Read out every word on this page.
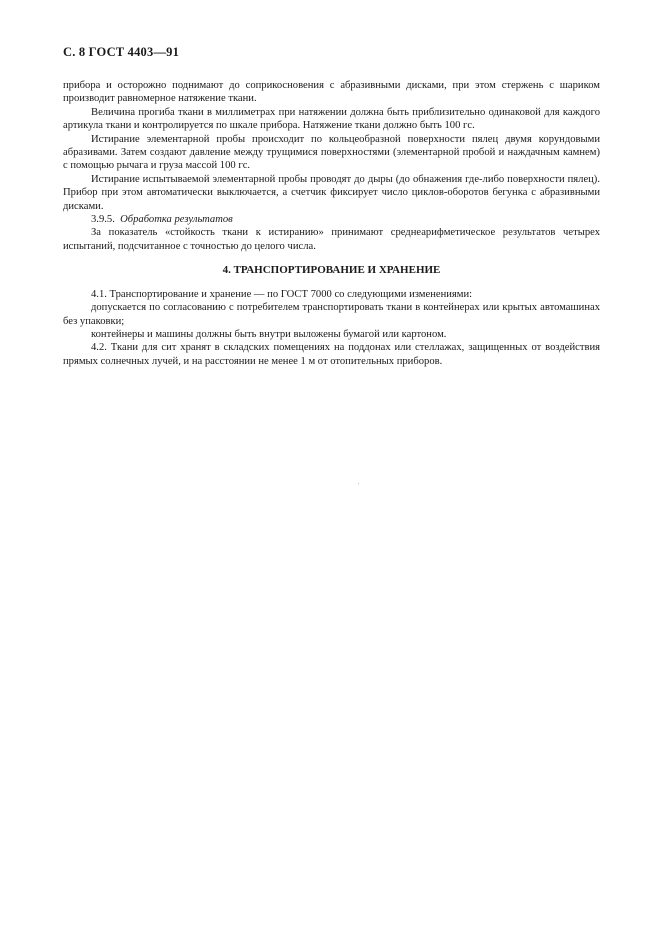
С. 8 ГОСТ 4403—91

прибора и осторожно поднимают до соприкосновения с абразивными дисками, при этом стержень с шариком производит равномерное натяжение ткани.

Величина прогиба ткани в миллиметрах при натяжении должна быть приблизительно одинаковой для каждого артикула ткани и контролируется по шкале прибора. Натяжение ткани должно быть 100 гс.

Истирание элементарной пробы происходит по кольцеобразной поверхности пялец двумя корундовыми абразивами. Затем создают давление между трущимися поверхностями (элементарной пробой и наждачным камнем) с помощью рычага и груза массой 100 гс.

Истирание испытываемой элементарной пробы проводят до дыры (до обнажения где-либо поверхности пялец). Прибор при этом автоматически выключается, а счетчик фиксирует число циклов-оборотов бегунка с абразивными дисками.

3.9.5. Обработка результатов

За показатель «стойкость ткани к истиранию» принимают среднеарифметическое результатов четырех испытаний, подсчитанное с точностью до целого числа.

4. ТРАНСПОРТИРОВАНИЕ И ХРАНЕНИЕ

4.1. Транспортирование и хранение — по ГОСТ 7000 со следующими изменениями:

допускается по согласованию с потребителем транспортировать ткани в контейнерах или крытых автомашинах без упаковки;

контейнеры и машины должны быть внутри выложены бумагой или картоном.

4.2. Ткани для сит хранят в складских помещениях на поддонах или стеллажах, защищенных от воздействия прямых солнечных лучей, и на расстоянии не менее 1 м от отопительных приборов.
